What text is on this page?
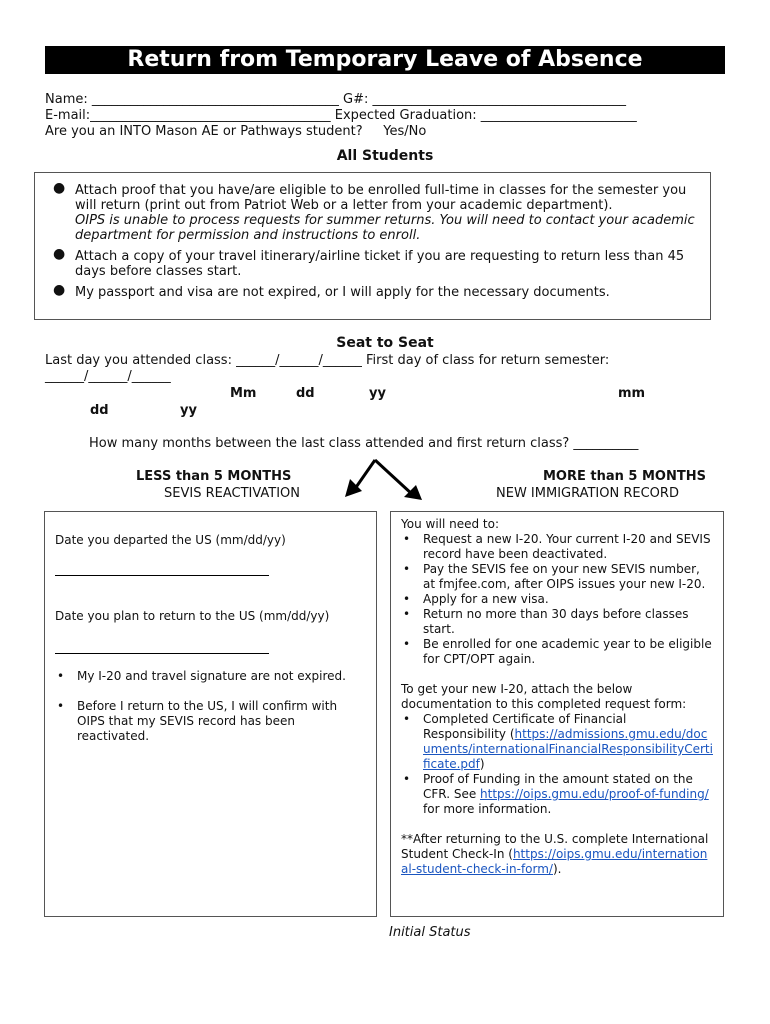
Return from Temporary Leave of Absence
Name: ______________________________________ G#: _______________________________________
E-mail:_____________________________________ Expected Graduation: ________________________
Are you an INTO Mason AE or Pathways student?     Yes/No
All Students
● Attach proof that you have/are eligible to be enrolled full-time in classes for the semester you will return (print out from Patriot Web or a letter from your academic department).
OIPS is unable to process requests for summer returns. You will need to contact your academic department for permission and instructions to enroll.
● Attach a copy of your travel itinerary/airline ticket if you are requesting to return less than 45 days before classes start.
● My passport and visa are not expired, or I will apply for the necessary documents.
Seat to Seat
Last day you attended class: ______/______/______ First day of class for return semester:
______/______/______
Mm	dd	yy	mm
dd	yy
How many months between the last class attended and first return class? __________
LESS than 5 MONTHS
SEVIS REACTIVATION
MORE than 5 MONTHS
NEW IMMIGRATION RECORD
Date you departed the US (mm/dd/yy)
Date you plan to return to the US (mm/dd/yy)
• My I-20 and travel signature are not expired.
• Before I return to the US, I will confirm with OIPS that my SEVIS record has been reactivated.
You will need to:
• Request a new I-20. Your current I-20 and SEVIS record have been deactivated.
• Pay the SEVIS fee on your new SEVIS number, at fmjfee.com, after OIPS issues your new I-20.
• Apply for a new visa.
• Return no more than 30 days before classes start.
• Be enrolled for one academic year to be eligible for CPT/OPT again.
To get your new I-20, attach the below documentation to this completed request form:
• Completed Certificate of Financial Responsibility (https://admissions.gmu.edu/documents/internationalFinancialResponsibilityCertificate.pdf)
• Proof of Funding in the amount stated on the CFR. See https://oips.gmu.edu/proof-of-funding/ for more information.
**After returning to the U.S. complete International Student Check-In (https://oips.gmu.edu/international-student-check-in-form/).
Initial Status
